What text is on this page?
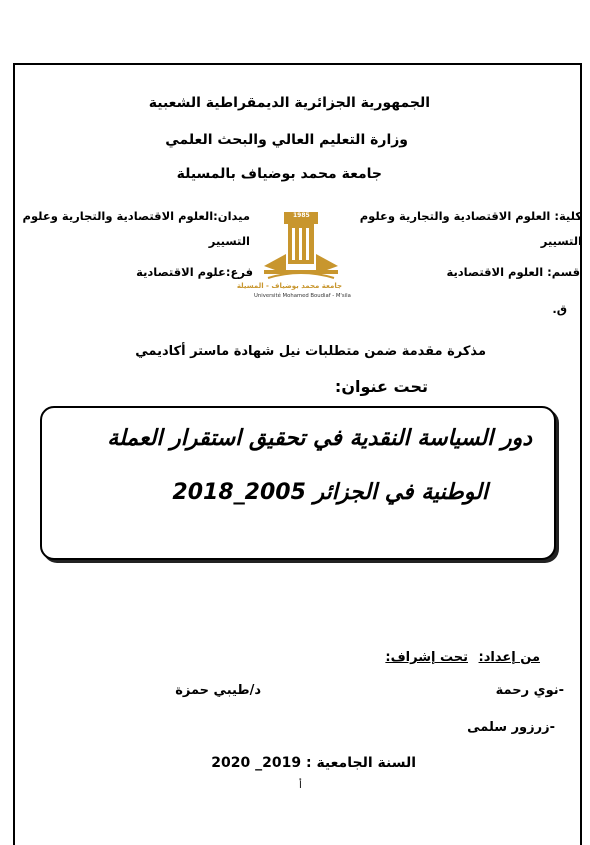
الجمهورية الجزائرية الديمقراطية الشعبية
وزارة التعليم العالي والبحث العلمي
جامعة محمد بوضياف بالمسيلة
كلية: العلوم الاقتصادية والتجارية وعلوم
التسيير
ميدان:العلوم الاقتصادية والتجارية وعلوم
التسيير
قسم: العلوم الاقتصادية
فرع:علوم الاقتصادية
ق.
1985
جامعة محمد بوضياف - المسيلة
Université Mohamed Boudiaf - M'sila
مذكرة مقدمة ضمن متطلبات نيل شهادة ماستر أكاديمي
تحت عنوان:
دور السياسة النقدية في تحقيق استقرار العملة
الوطنية في الجزائر 2005_2018
من إعداد:
تحت إشراف:
-نوي رحمة
د/طيبي حمزة
-زرزور سلمى
السنة الجامعية : 2019_ 2020
أ
